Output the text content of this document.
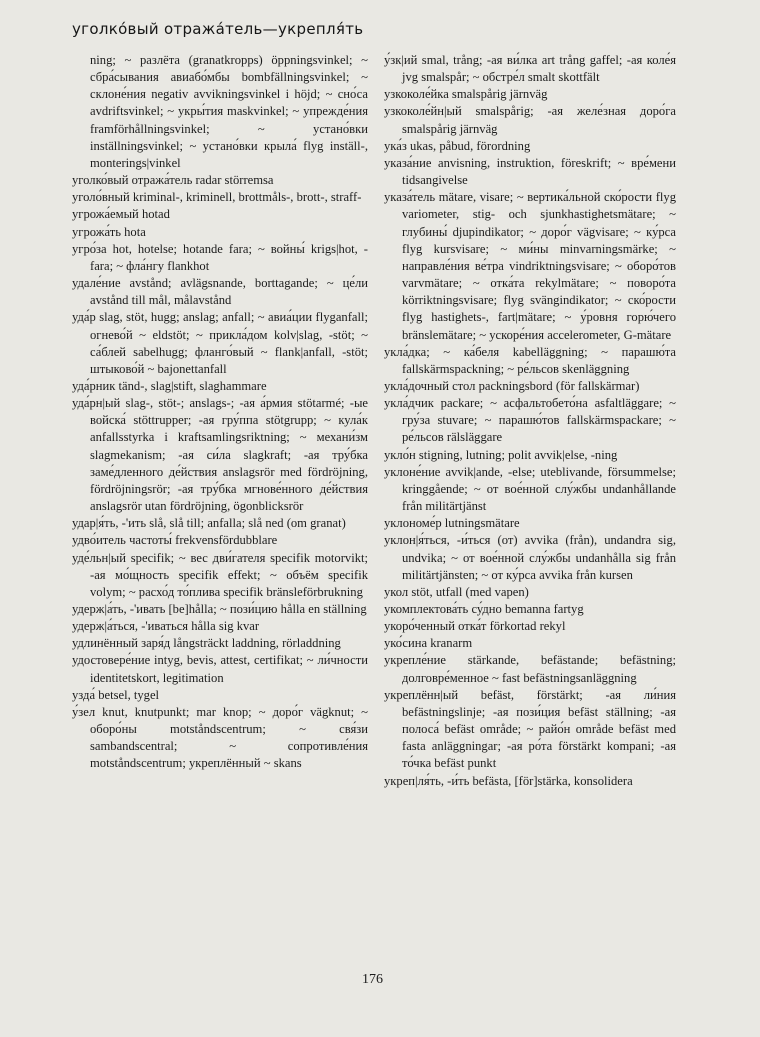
уголко́вый отража́тель—укрепля́ть
ning; ~ разлёта (granatkropps) öppningsvinkel; ~ сбра́сывания авиабо́мбы bombfällningsvinkel; ~ склоне́ния negativ avvikningsvinkel i höjd; ~ сно́са avdriftsvinkel; ~ укры́тия maskvinkel; ~ упрежде́ния framförhållningsvinkel; ~ устано́вки inställningsvinkel; ~ устано́вки крыла́ flyg inställ-, monterings|vinkel
уголко́вый отража́тель radar störremsa
уголо́вный kriminal-, kriminell, brottmåls-, brott-, straff-
угрожа́емый hotad
угрожа́ть hota
угро́за hot, hotelse; hotande fara; ~ войны́ krigs|hot, -fara; ~ фла́нгу flankhot
удале́ние avstånd; avlägsnande, borttagande; ~ це́ли avstånd till mål, målavstånd
уда́р slag, stöt, hugg; anslag; anfall; ~ авиа́ции flyganfall; огнево́й ~ eldstöt; ~ прикла́дом kolv|slag, -stöt; ~ са́блей sabelhugg; фланго́вый ~ flank|anfall, -stöt; штыково́й ~ bajonettanfall
уда́рник tänd-, slag|stift, slaghammare
уда́рн|ый slag-, stöt-; anslags-; -ая а́рмия stötarmé; -ые войска́ stöttrupper; -ая гру́ппа stötgrupp; ~ кула́к anfallsstyrka i kraftsamlingsriktning; ~ механи́зм slagmekanism; -ая си́ла slagkraft; -ая тру́бка заме́дленного де́йствия anslagsrör med fördröjning, fördröjningsrör; -ая тру́бка мгнове́нного де́йствия anslagsrör utan fördröjning, ögonblicksrör
удар|я́ть, -'ить slå, slå till; anfalla; slå ned (om granat)
удво́итель частоты́ frekvensfördubblare
уде́льн|ый specifik; ~ вес дви́гателя specifik motorvikt; -ая мо́щность specifik effekt; ~ объём specifik volym; ~ расхо́д то́плива specifik bränsleförbrukning
удерж|а́ть, -'ивать [be]hålla; ~ пози́цию hålla en ställning
удерж|а́ться, -'иваться hålla sig kvar
удлинённый заря́д långsträckt laddning, rörladdning
удостовере́ние intyg, bevis, attest, certifikat; ~ ли́чности identitetskort, legitimation
узда́ betsel, tygel
у́зел knut, knutpunkt; mar knop; ~ доро́г vägknut; ~ оборо́ны motståndscentrum; ~ свя́зи sambandscentral; ~ сопротивле́ния motståndscentrum; укреплённый ~ skans
у́зк|ий smal, trång; -ая ви́лка art trång gaffel; -ая коле́я jvg smalspår; ~ обстре́л smalt skottfält
узкоколе́йка smalspårig järnväg
узкоколе́йн|ый smalspårig; -ая желе́зная доро́га smalspårig järnväg
ука́з ukas, påbud, förordning
указа́ние anvisning, instruktion, föreskrift; ~ вре́мени tidsangivelse
указа́тель mätare, visare; ~ вертика́льной ско́рости flyg variometer, stig- och sjunkhastighetsmätare; ~ глубины́ djupindikator; ~ доро́г vägvisare; ~ ку́рса flyg kursvisare; ~ ми́ны minvarningsmärke; ~ направле́ния ве́тра vindriktningsvisare; ~ оборо́тов varvmätare; ~ отка́та rekylmätare; ~ поворо́та körriktningsvisare; flyg svängindikator; ~ ско́рости flyg hastighets-, fart|mätare; ~ у́ровня горю́чего bränslemätare; ~ ускоре́ния accelerometer, G-mätare
укла́дка; ~ ка́беля kabelläggning; ~ парашю́та fallskärmspackning; ~ ре́льсов skenläggning
укла́дочный стол packningsbord (för fallskärmar)
укла́дчик packare; ~ асфальтобето́на asfaltläggare; ~ гру́за stuvare; ~ парашю́тов fallskärmspackare; ~ ре́льсов rälsläggare
укло́н stigning, lutning; polit avvik|else, -ning
уклоне́ние avvik|ande, -else; uteblivande, försummelse; kringgående; ~ от вое́нной слу́жбы undanhållande från militärtjänst
уклономе́р lutningsmätare
уклон|я́ться, -и́ться (от) avvika (från), undandra sig, undvika; ~ от вое́нной слу́жбы undanhålla sig från militärtjänsten; ~ от ку́рса avvika från kursen
укол stöt, utfall (med vapen)
укомплектова́ть су́дно bemanna fartyg
укоро́ченный отка́т förkortad rekyl
уко́сина kranarm
укрепле́ние stärkande, befästande; befästning; долговре́менное ~ fast befästningsanläggning
укреплённ|ый befäst, förstärkt; -ая ли́ния befästningslinje; -ая пози́ция befäst ställning; -ая полоса́ befäst område; ~ райо́н område befäst med fasta anläggningar; -ая ро́та förstärkt kompani; -ая то́чка befäst punkt
укреп|ля́ть, -и́ть befästa, [för]stärka, konsolidera
176
